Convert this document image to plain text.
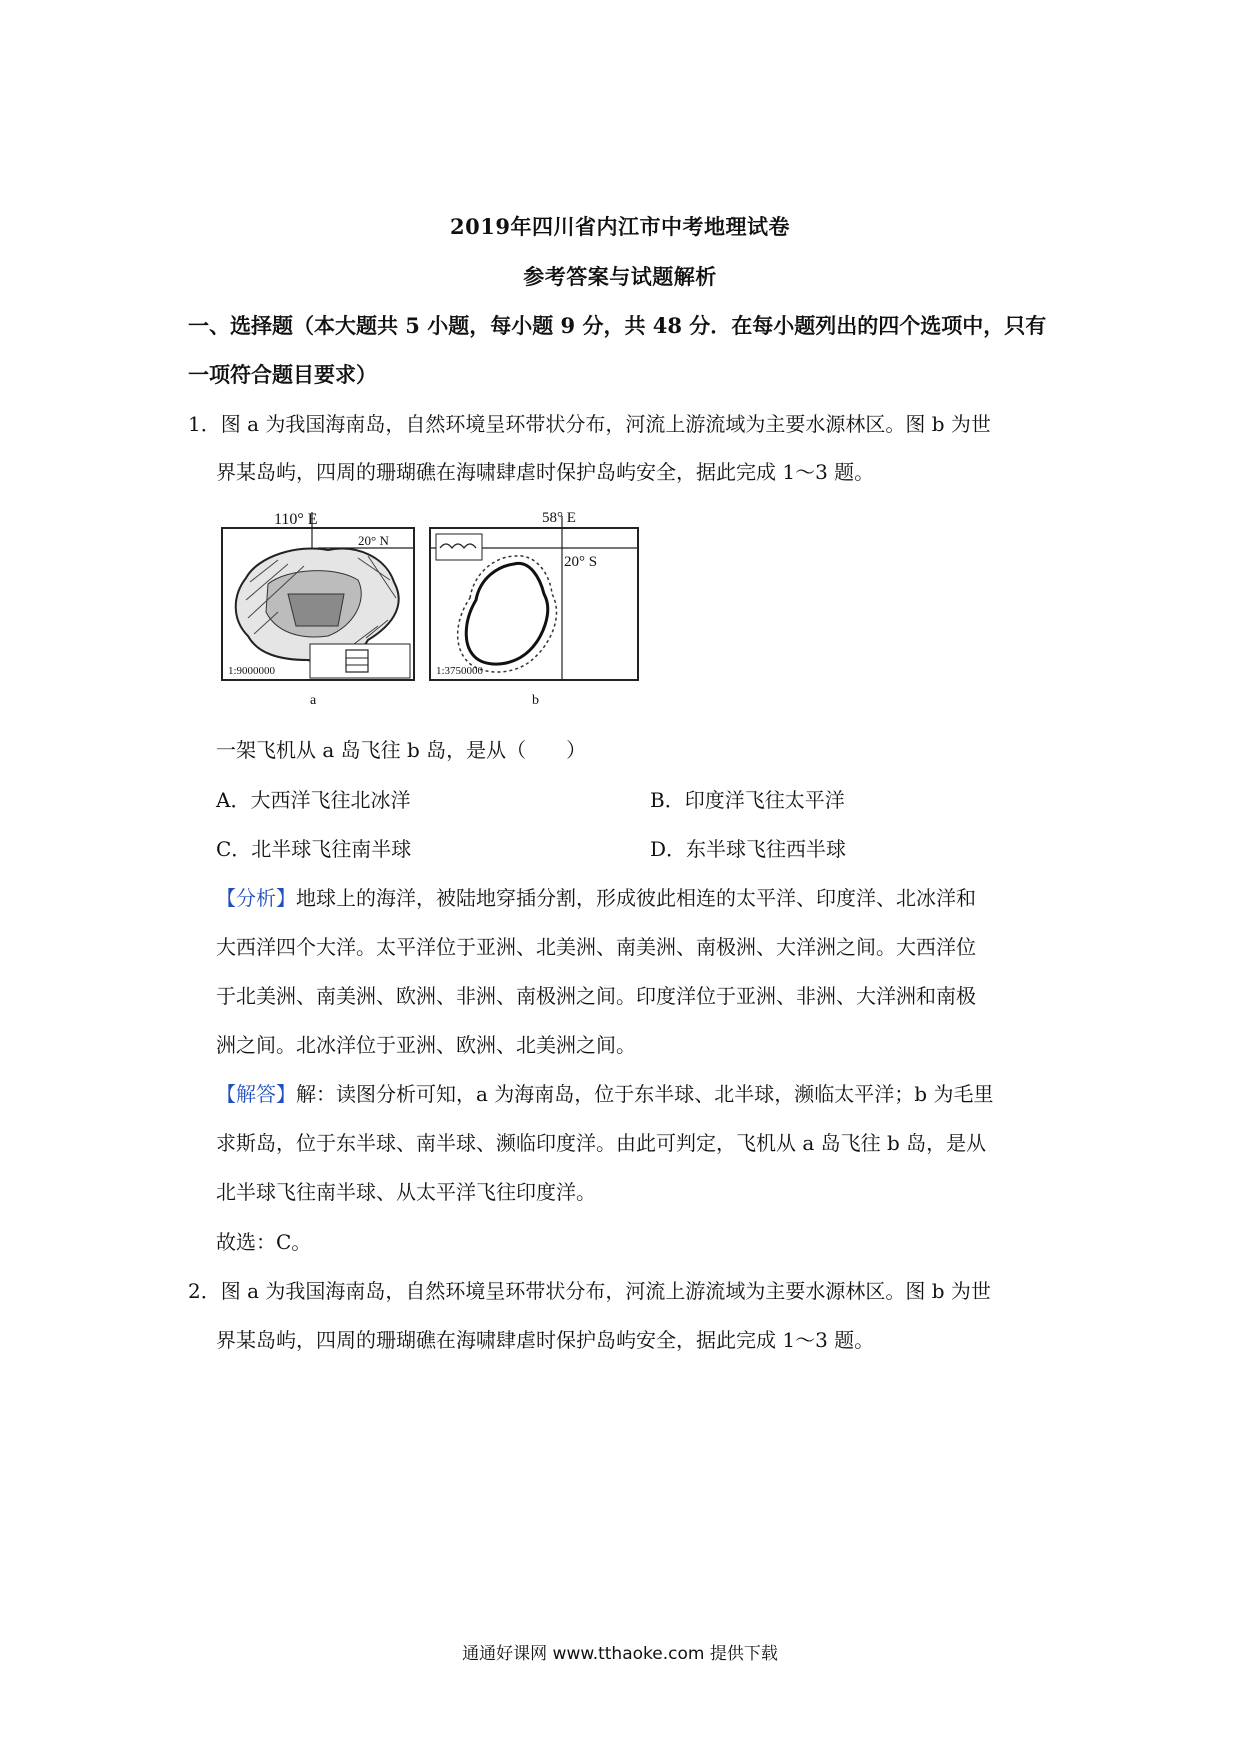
2019年四川省内江市中考地理试卷
参考答案与试题解析
一、选择题（本大题共 5 小题，每小题 9 分，共 48 分．在每小题列出的四个选项中，只有
一项符合题目要求）
1．图 a 为我国海南岛，自然环境呈环带状分布，河流上游流域为主要水源林区。图 b 为世
界某岛屿，四周的珊瑚礁在海啸肆虐时保护岛屿安全，据此完成 1～3 题。
110° E
20° N
1:9000000
a
58° E
20° S
1:3750000
b
一架飞机从 a 岛飞往 b 岛，是从（　　）
A．大西洋飞往北冰洋	B．印度洋飞往太平洋
C．北半球飞往南半球	D．东半球飞往西半球
【分析】地球上的海洋，被陆地穿插分割，形成彼此相连的太平洋、印度洋、北冰洋和
大西洋四个大洋。太平洋位于亚洲、北美洲、南美洲、南极洲、大洋洲之间。大西洋位
于北美洲、南美洲、欧洲、非洲、南极洲之间。印度洋位于亚洲、非洲、大洋洲和南极
洲之间。北冰洋位于亚洲、欧洲、北美洲之间。
【解答】解：读图分析可知，a 为海南岛，位于东半球、北半球，濒临太平洋；b 为毛里
求斯岛，位于东半球、南半球、濒临印度洋。由此可判定，飞机从 a 岛飞往 b 岛，是从
北半球飞往南半球、从太平洋飞往印度洋。
故选：C。
2．图 a 为我国海南岛，自然环境呈环带状分布，河流上游流域为主要水源林区。图 b 为世
界某岛屿，四周的珊瑚礁在海啸肆虐时保护岛屿安全，据此完成 1～3 题。
通通好课网 www.tthaoke.com 提供下载
